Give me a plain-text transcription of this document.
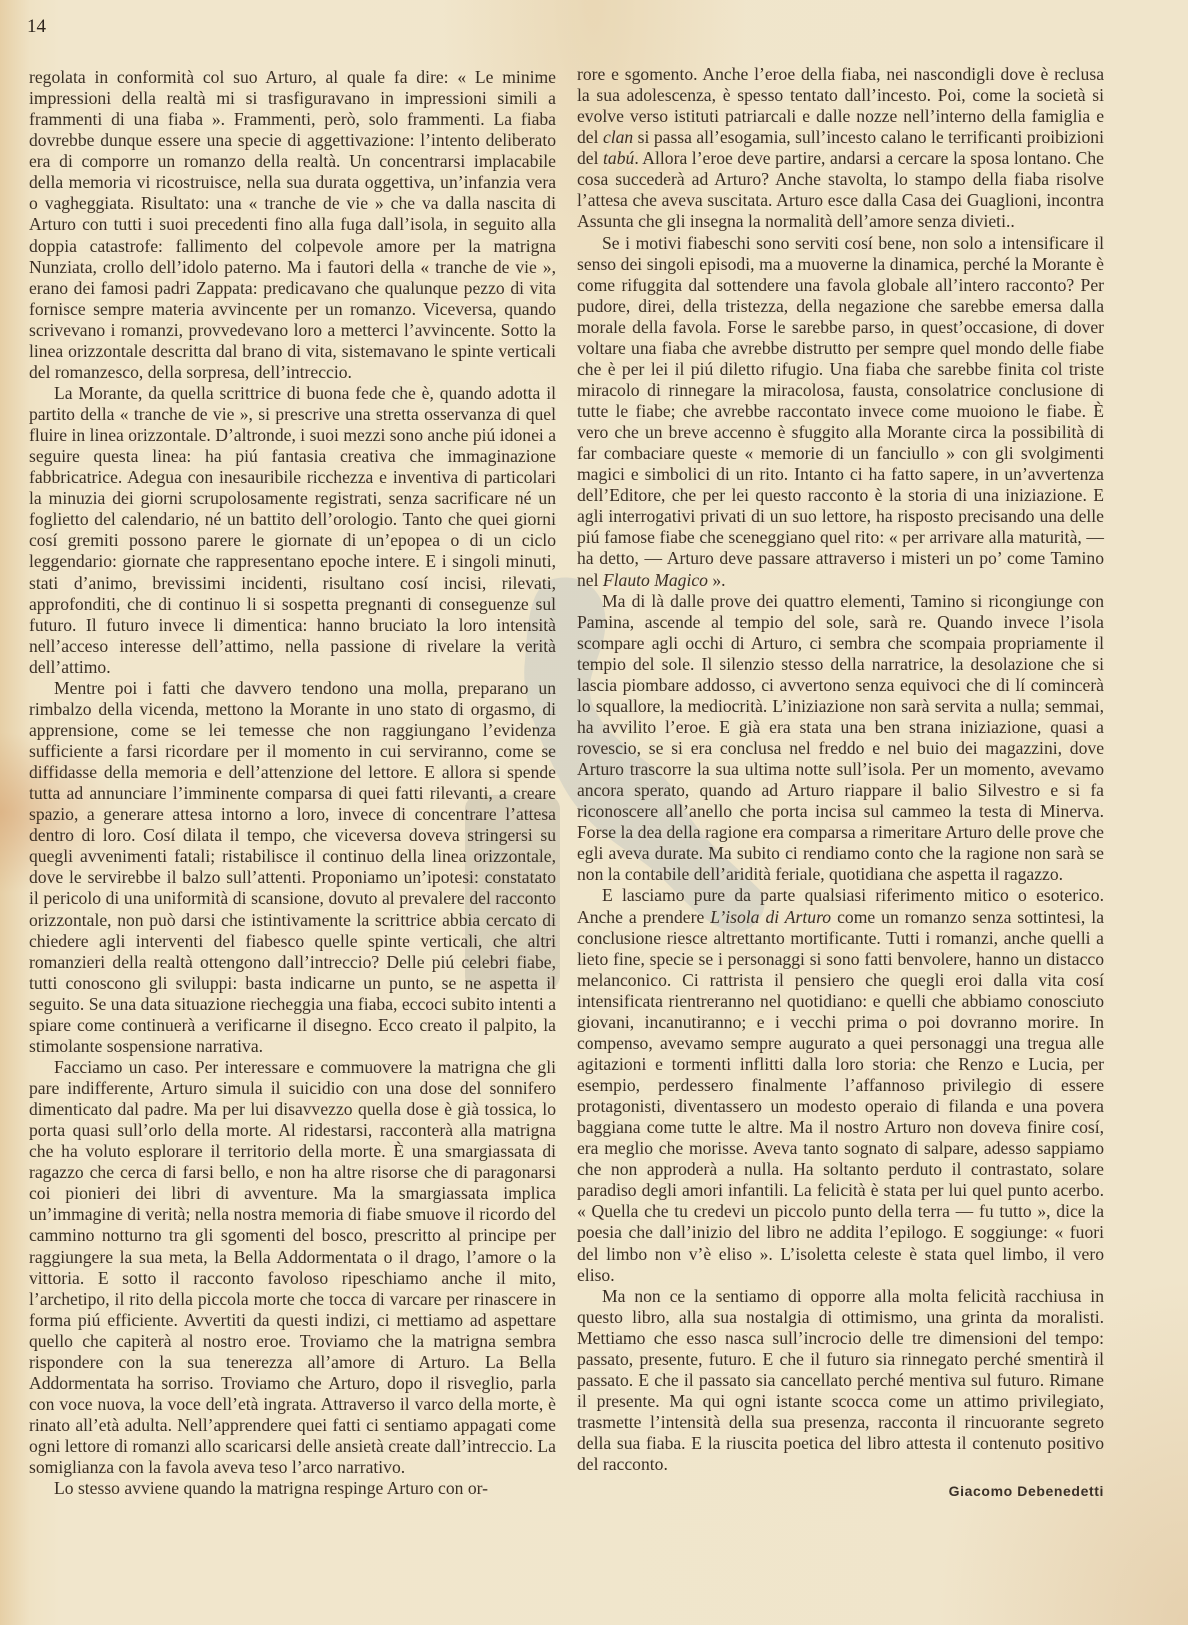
14

regolata in conformità col suo Arturo, al quale fa dire: « Le minime impressioni della realtà mi si trasfiguravano in impressioni simili a frammenti di una fiaba ». Frammenti, però, solo frammenti. La fiaba dovrebbe dunque essere una specie di aggettivazione: l’intento deliberato era di comporre un romanzo della realtà. Un concentrarsi implacabile della memoria vi ricostruisce, nella sua durata oggettiva, un’infanzia vera o vagheggiata. Risultato: una « tranche de vie » che va dalla nascita di Arturo con tutti i suoi precedenti fino alla fuga dall’isola, in seguito alla doppia catastrofe: fallimento del colpevole amore per la matrigna Nunziata, crollo dell’idolo paterno. Ma i fautori della « tranche de vie », erano dei famosi padri Zappata: predicavano che qualunque pezzo di vita fornisce sempre materia avvincente per un romanzo. Viceversa, quando scrivevano i romanzi, provvedevano loro a metterci l’avvincente. Sotto la linea orizzontale descritta dal brano di vita, sistemavano le spinte verticali del romanzesco, della sorpresa, dell’intreccio.

La Morante, da quella scrittrice di buona fede che è, quando adotta il partito della « tranche de vie », si prescrive una stretta osservanza di quel fluire in linea orizzontale. D’altronde, i suoi mezzi sono anche piú idonei a seguire questa linea: ha piú fantasia creativa che immaginazione fabbricatrice. Adegua con inesauribile ricchezza e inventiva di particolari la minuzia dei giorni scrupolosamente registrati, senza sacrificare né un foglietto del calendario, né un battito dell’orologio. Tanto che quei giorni cosí gremiti possono parere le giornate di un’epopea o di un ciclo leggendario: giornate che rappresentano epoche intere. E i singoli minuti, stati d’animo, brevissimi incidenti, risultano cosí incisi, rilevati, approfonditi, che di continuo li si sospetta pregnanti di conseguenze sul futuro. Il futuro invece li dimentica: hanno bruciato la loro intensità nell’acceso interesse dell’attimo, nella passione di rivelare la verità dell’attimo.

Mentre poi i fatti che davvero tendono una molla, preparano un rimbalzo della vicenda, mettono la Morante in uno stato di orgasmo, di apprensione, come se lei temesse che non raggiungano l’evidenza sufficiente a farsi ricordare per il momento in cui serviranno, come se diffidasse della memoria e dell’attenzione del lettore. E allora si spende tutta ad annunciare l’imminente comparsa di quei fatti rilevanti, a creare spazio, a generare attesa intorno a loro, invece di concentrare l’attesa dentro di loro. Cosí dilata il tempo, che viceversa doveva stringersi su quegli avvenimenti fatali; ristabilisce il continuo della linea orizzontale, dove le servirebbe il balzo sull’attenti. Proponiamo un’ipotesi: constatato il pericolo di una uniformità di scansione, dovuto al prevalere del racconto orizzontale, non può darsi che istintivamente la scrittrice abbia cercato di chiedere agli interventi del fiabesco quelle spinte verticali, che altri romanzieri della realtà ottengono dall’intreccio? Delle piú celebri fiabe, tutti conoscono gli sviluppi: basta indicarne un punto, se ne aspetta il seguito. Se una data situazione riecheggia una fiaba, eccoci subito intenti a spiare come continuerà a verificarne il disegno. Ecco creato il palpito, la stimolante sospensione narrativa.

Facciamo un caso. Per interessare e commuovere la matrigna che gli pare indifferente, Arturo simula il suicidio con una dose del sonnifero dimenticato dal padre. Ma per lui disavvezzo quella dose è già tossica, lo porta quasi sull’orlo della morte. Al ridestarsi, racconterà alla matrigna che ha voluto esplorare il territorio della morte. È una smargiassata di ragazzo che cerca di farsi bello, e non ha altre risorse che di paragonarsi coi pionieri dei libri di avventure. Ma la smargiassata implica un’immagine di verità; nella nostra memoria di fiabe smuove il ricordo del cammino notturno tra gli sgomenti del bosco, prescritto al principe per raggiungere la sua meta, la Bella Addormentata o il drago, l’amore o la vittoria. E sotto il racconto favoloso ripeschiamo anche il mito, l’archetipo, il rito della piccola morte che tocca di varcare per rinascere in forma piú efficiente. Avvertiti da questi indizi, ci mettiamo ad aspettare quello che capiterà al nostro eroe. Troviamo che la matrigna sembra rispondere con la sua tenerezza all’amore di Arturo. La Bella Addormentata ha sorriso. Troviamo che Arturo, dopo il risveglio, parla con voce nuova, la voce dell’età ingrata. Attraverso il varco della morte, è rinato all’età adulta. Nell’apprendere quei fatti ci sentiamo appagati come ogni lettore di romanzi allo scaricarsi delle ansietà create dall’intreccio. La somiglianza con la favola aveva teso l’arco narrativo.

Lo stesso avviene quando la matrigna respinge Arturo con or-

rore e sgomento. Anche l’eroe della fiaba, nei nascondigli dove è reclusa la sua adolescenza, è spesso tentato dall’incesto. Poi, come la società si evolve verso istituti patriarcali e dalle nozze nell’interno della famiglia e del clan si passa all’esogamia, sull’incesto calano le terrificanti proibizioni del tabú. Allora l’eroe deve partire, andarsi a cercare la sposa lontano. Che cosa succederà ad Arturo? Anche stavolta, lo stampo della fiaba risolve l’attesa che aveva suscitata. Arturo esce dalla Casa dei Guaglioni, incontra Assunta che gli insegna la normalità dell’amore senza divieti..

Se i motivi fiabeschi sono serviti cosí bene, non solo a intensificare il senso dei singoli episodi, ma a muoverne la dinamica, perché la Morante è come rifuggita dal sottendere una favola globale all’intero racconto? Per pudore, direi, della tristezza, della negazione che sarebbe emersa dalla morale della favola. Forse le sarebbe parso, in quest’occasione, di dover voltare una fiaba che avrebbe distrutto per sempre quel mondo delle fiabe che è per lei il piú diletto rifugio. Una fiaba che sarebbe finita col triste miracolo di rinnegare la miracolosa, fausta, consolatrice conclusione di tutte le fiabe; che avrebbe raccontato invece come muoiono le fiabe. È vero che un breve accenno è sfuggito alla Morante circa la possibilità di far combaciare queste « memorie di un fanciullo » con gli svolgimenti magici e simbolici di un rito. Intanto ci ha fatto sapere, in un’avvertenza dell’Editore, che per lei questo racconto è la storia di una iniziazione. E agli interrogativi privati di un suo lettore, ha risposto precisando una delle piú famose fiabe che sceneggiano quel rito: « per arrivare alla maturità, — ha detto, — Arturo deve passare attraverso i misteri un po’ come Tamino nel Flauto Magico ».

Ma di là dalle prove dei quattro elementi, Tamino si ricongiunge con Pamina, ascende al tempio del sole, sarà re. Quando invece l’isola scompare agli occhi di Arturo, ci sembra che scompaia propriamente il tempio del sole. Il silenzio stesso della narratrice, la desolazione che si lascia piombare addosso, ci avvertono senza equivoci che di lí comincerà lo squallore, la mediocrità. L’iniziazione non sarà servita a nulla; semmai, ha avvilito l’eroe. E già era stata una ben strana iniziazione, quasi a rovescio, se si era conclusa nel freddo e nel buio dei magazzini, dove Arturo trascorre la sua ultima notte sull’isola. Per un momento, avevamo ancora sperato, quando ad Arturo riappare il balio Silvestro e si fa riconoscere all’anello che porta incisa sul cammeo la testa di Minerva. Forse la dea della ragione era comparsa a rimeritare Arturo delle prove che egli aveva durate. Ma subito ci rendiamo conto che la ragione non sarà se non la contabile dell’aridità feriale, quotidiana che aspetta il ragazzo.

E lasciamo pure da parte qualsiasi riferimento mitico o esoterico. Anche a prendere L’isola di Arturo come un romanzo senza sottintesi, la conclusione riesce altrettanto mortificante. Tutti i romanzi, anche quelli a lieto fine, specie se i personaggi si sono fatti benvolere, hanno un distacco melanconico. Ci rattrista il pensiero che quegli eroi dalla vita cosí intensificata rientreranno nel quotidiano: e quelli che abbiamo conosciuto giovani, incanutiranno; e i vecchi prima o poi dovranno morire. In compenso, avevamo sempre augurato a quei personaggi una tregua alle agitazioni e tormenti inflitti dalla loro storia: che Renzo e Lucia, per esempio, perdessero finalmente l’affannoso privilegio di essere protagonisti, diventassero un modesto operaio di filanda e una povera baggiana come tutte le altre. Ma il nostro Arturo non doveva finire cosí, era meglio che morisse. Aveva tanto sognato di salpare, adesso sappiamo che non approderà a nulla. Ha soltanto perduto il contrastato, solare paradiso degli amori infantili. La felicità è stata per lui quel punto acerbo. « Quella che tu credevi un piccolo punto della terra — fu tutto », dice la poesia che dall’inizio del libro ne addita l’epilogo. E soggiunge: « fuori del limbo non v’è eliso ». L’isoletta celeste è stata quel limbo, il vero eliso.

Ma non ce la sentiamo di opporre alla molta felicità racchiusa in questo libro, alla sua nostalgia di ottimismo, una grinta da moralisti. Mettiamo che esso nasca sull’incrocio delle tre dimensioni del tempo: passato, presente, futuro. E che il futuro sia rinnegato perché smentirà il passato. E che il passato sia cancellato perché mentiva sul futuro. Rimane il presente. Ma qui ogni istante scocca come un attimo privilegiato, trasmette l’intensità della sua presenza, racconta il rincuorante segreto della sua fiaba. E la riuscita poetica del libro attesta il contenuto positivo del racconto.

Giacomo Debenedetti
